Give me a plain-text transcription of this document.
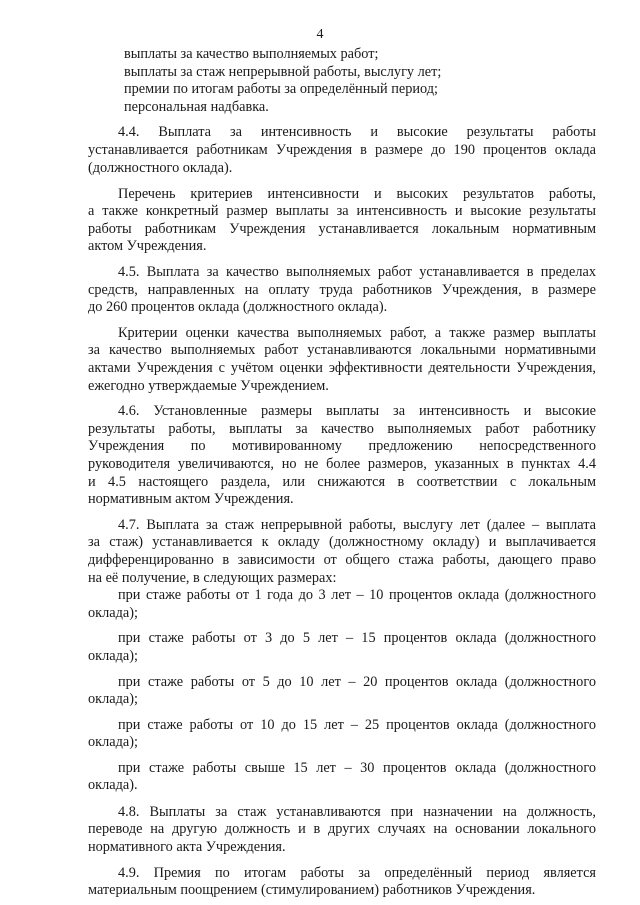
4
выплаты за качество выполняемых работ;
выплаты за стаж непрерывной работы, выслугу лет;
премии по итогам работы за определённый период;
персональная надбавка.
4.4. Выплата за интенсивность и высокие результаты работы
устанавливается работникам Учреждения в размере до 190 процентов оклада
(должностного оклада).
Перечень критериев интенсивности и высоких результатов работы,
а также конкретный размер выплаты за интенсивность и высокие результаты
работы работникам Учреждения устанавливается локальным нормативным
актом Учреждения.
4.5. Выплата за качество выполняемых работ устанавливается в пределах
средств, направленных на оплату труда работников Учреждения, в размере
до 260 процентов оклада (должностного оклада).
Критерии оценки качества выполняемых работ, а также размер выплаты
за качество выполняемых работ устанавливаются локальными нормативными
актами Учреждения с учётом оценки эффективности деятельности Учреждения,
ежегодно утверждаемые Учреждением.
4.6. Установленные размеры выплаты за интенсивность и высокие
результаты работы, выплаты за качество выполняемых работ работнику
Учреждения по мотивированному предложению непосредственного
руководителя увеличиваются, но не более размеров, указанных в пунктах 4.4
и 4.5 настоящего раздела, или снижаются в соответствии с локальным
нормативным актом Учреждения.
4.7. Выплата за стаж непрерывной работы, выслугу лет (далее – выплата
за стаж) устанавливается к окладу (должностному окладу) и выплачивается
дифференцированно в зависимости от общего стажа работы, дающего право
на её получение, в следующих размерах:
при стаже работы от 1 года до 3 лет – 10 процентов оклада (должностного
оклада);
при стаже работы от 3 до 5 лет – 15 процентов оклада (должностного
оклада);
при стаже работы от 5 до 10 лет – 20 процентов оклада (должностного
оклада);
при стаже работы от 10 до 15 лет – 25 процентов оклада (должностного
оклада);
при стаже работы свыше 15 лет – 30 процентов оклада (должностного
оклада).
4.8. Выплаты за стаж устанавливаются при назначении на должность,
переводе на другую должность и в других случаях на основании локального
нормативного акта Учреждения.
4.9. Премия по итогам работы за определённый период является
материальным поощрением (стимулированием) работников Учреждения.
